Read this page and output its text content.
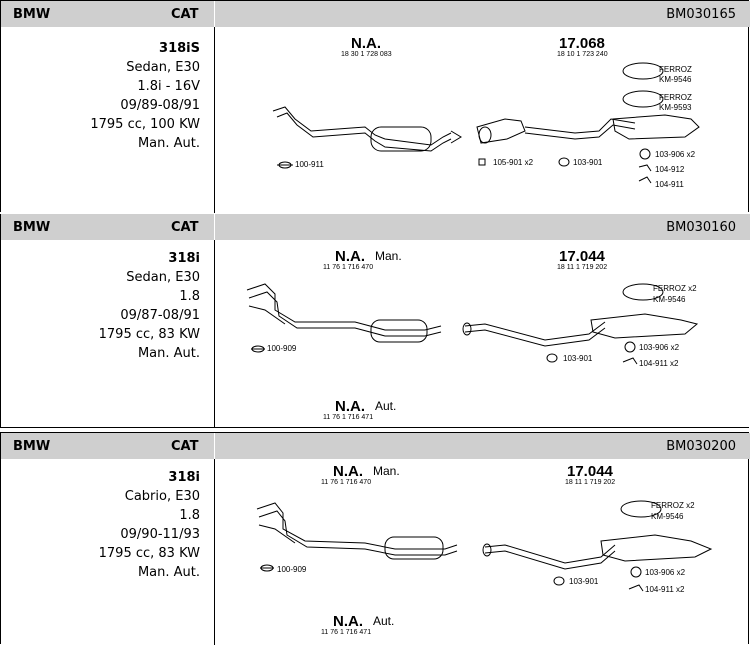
BMW	CAT	BM030165
318iS
Sedan, E30
1.8i - 16V
09/89-08/91
1795 cc, 100 KW
Man. Aut.
N.A.
18 30 1 728 083
17.068
18 10 1 723 240
FERROZ
KM-9546
FERROZ
KM-9593
100-911	105-901 x2	103-901
103-906 x2
104-912
104-911
BMW	CAT	BM030160
318i
Sedan, E30
1.8
09/87-08/91
1795 cc, 83 KW
Man. Aut.
N.A. Man.
11 76 1 716 470
17.044
18 11 1 719 202
FERROZ x2
KM-9546
N.A. Aut.
11 76 1 716 471
100-909
103-901
103-906 x2
104-911 x2
BMW	CAT	BM030200
318i
Cabrio, E30
1.8
09/90-11/93
1795 cc, 83 KW
Man. Aut.
N.A. Man.
11 76 1 716 470
17.044
18 11 1 719 202
FERROZ x2
KM-9546
N.A. Aut.
11 76 1 716 471
100-909
103-901
103-906 x2
104-911 x2
